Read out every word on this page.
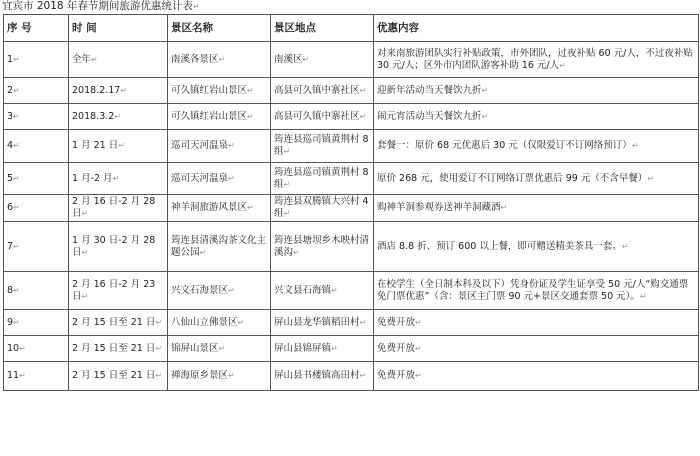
宜宾市 2018 年春节期间旅游优惠统计表↵
序 号	时 间	景区名称	景区地点	优惠内容
1↵	全年↵	南溪各景区↵	南溪区↵	对来南旅游团队实行补贴政策，市外团队，过夜补贴 60 元/人，不过夜补贴 30 元/人；区外市内团队游客补助 16 元/人↵
2↵	2018.2.17↵	可久镇红岩山景区↵	高县可久镇中寨社区↵	迎新年活动当天餐饮九折↵
3↵	2018.3.2↵	可久镇红岩山景区↵	高县可久镇中寨社区↵	闹元宵活动当天餐饮九折↵
4↵	1 月 21 日↵	巡司天河温泉↵	筠连县巡司镇黄荆村 8 组↵	套餐一：原价 68 元优惠后 30 元（仅限爱订不订网络预订）↵
5↵	1 月-2 月↵	巡司天河温泉↵	筠连县巡司镇黄荆村 8 组↵	原价 268 元，使用爱订不订网络订票优惠后 99 元（不含早餐）↵
6↵	2 月 16 日-2 月 28 日↵	神羊洞旅游风景区↵	筠连县双腾镇大兴村 4 组↵	购神羊洞参观券送神羊洞藏酒↵
7↵	1 月 30 日-2 月 28 日↵	筠连县清溪沟茶文化主题公园↵	筠连县塘坝乡木映村清溪沟↵	酒店 8.8 折、预订 600 以上餐，即可赠送精美茶具一套。↵
8↵	2 月 16 日-2 月 23 日↵	兴文石海景区↵	兴文县石海镇↵	在校学生（全日制本科及以下）凭身份证及学生证享受 50 元/人“购交通票免门票优惠”（含：景区主门票 90 元+景区交通套票 50 元）。↵
9↵	2 月 15 日至 21 日↵	八仙山立佛景区↵	屏山县龙华镇稻田村↵	免费开放↵
10↵	2 月 15 日至 21 日↵	锦屏山景区↵	屏山县锦屏镇↵	免费开放↵
11↵	2 月 15 日至 21 日↵	禅海原乡景区↵	屏山县书楼镇高田村↵	免费开放↵
